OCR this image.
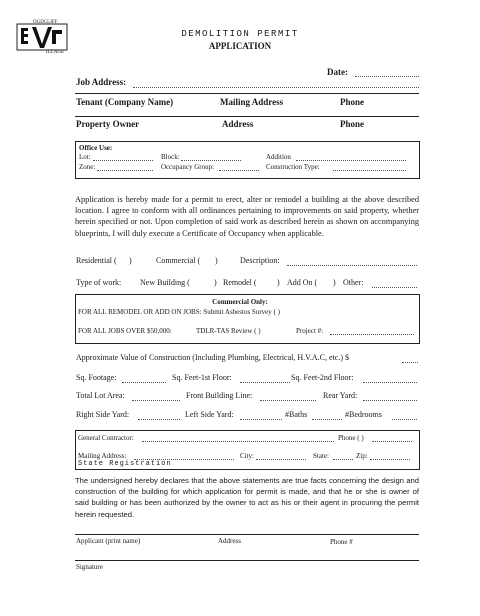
OGDCLIFF
ILLAGE
DEMOLITION PERMIT
APPLICATION
Date:
Job Address:
Tenant (Company Name)	Mailing Address	Phone
Property Owner	Address	Phone
Office Use:
Lot:	Block:	Addition
Zone:	Occupancy Group:	Construction Type:
Application is hereby made for a permit to erect, alter or remodel a building at the above described location. I agree to conform with all ordinances pertaining to improvements on said property, whether herein specified or not. Upon completion of said work as described herein as shown on accompanying blueprints, I will duly execute a Certificate of Occupancy when applicable.
Residential ( )	Commercial ( )	Description:
Type of work: New Building (	) Remodel (	) Add On ( ) Other:
Commercial Only:
FOR ALL REMODEL OR ADD ON JOBS: Submit Asbestos Survey ( )
FOR ALL JOBS OVER $50,000:	TDLR-TAS Review ( )	Project #:
Approximate Value of Construction (Including Plumbing, Electrical, H.V.A.C, etc.) $
Sq. Footage:	Sq. Feet-1st Floor:	Sq. Feet-2nd Floor:
Total Lot Area:	Front Building Line:	Rear Yard:
Right Side Yard:	Left Side Yard:	#Baths	#Bedrooms
General Contractor:	Phone ( )
Mailing Address:	City:	State:	Zip:
State Registration
The undersigned hereby declares that the above statements are true facts concerning the design and construction of the building for which application for permit is made, and that he or she is owner of said building or has been authorized by the owner to act as his or their agent in procuring the permit herein requested.
Applicant (print name)	Address	Phone #
Signature
